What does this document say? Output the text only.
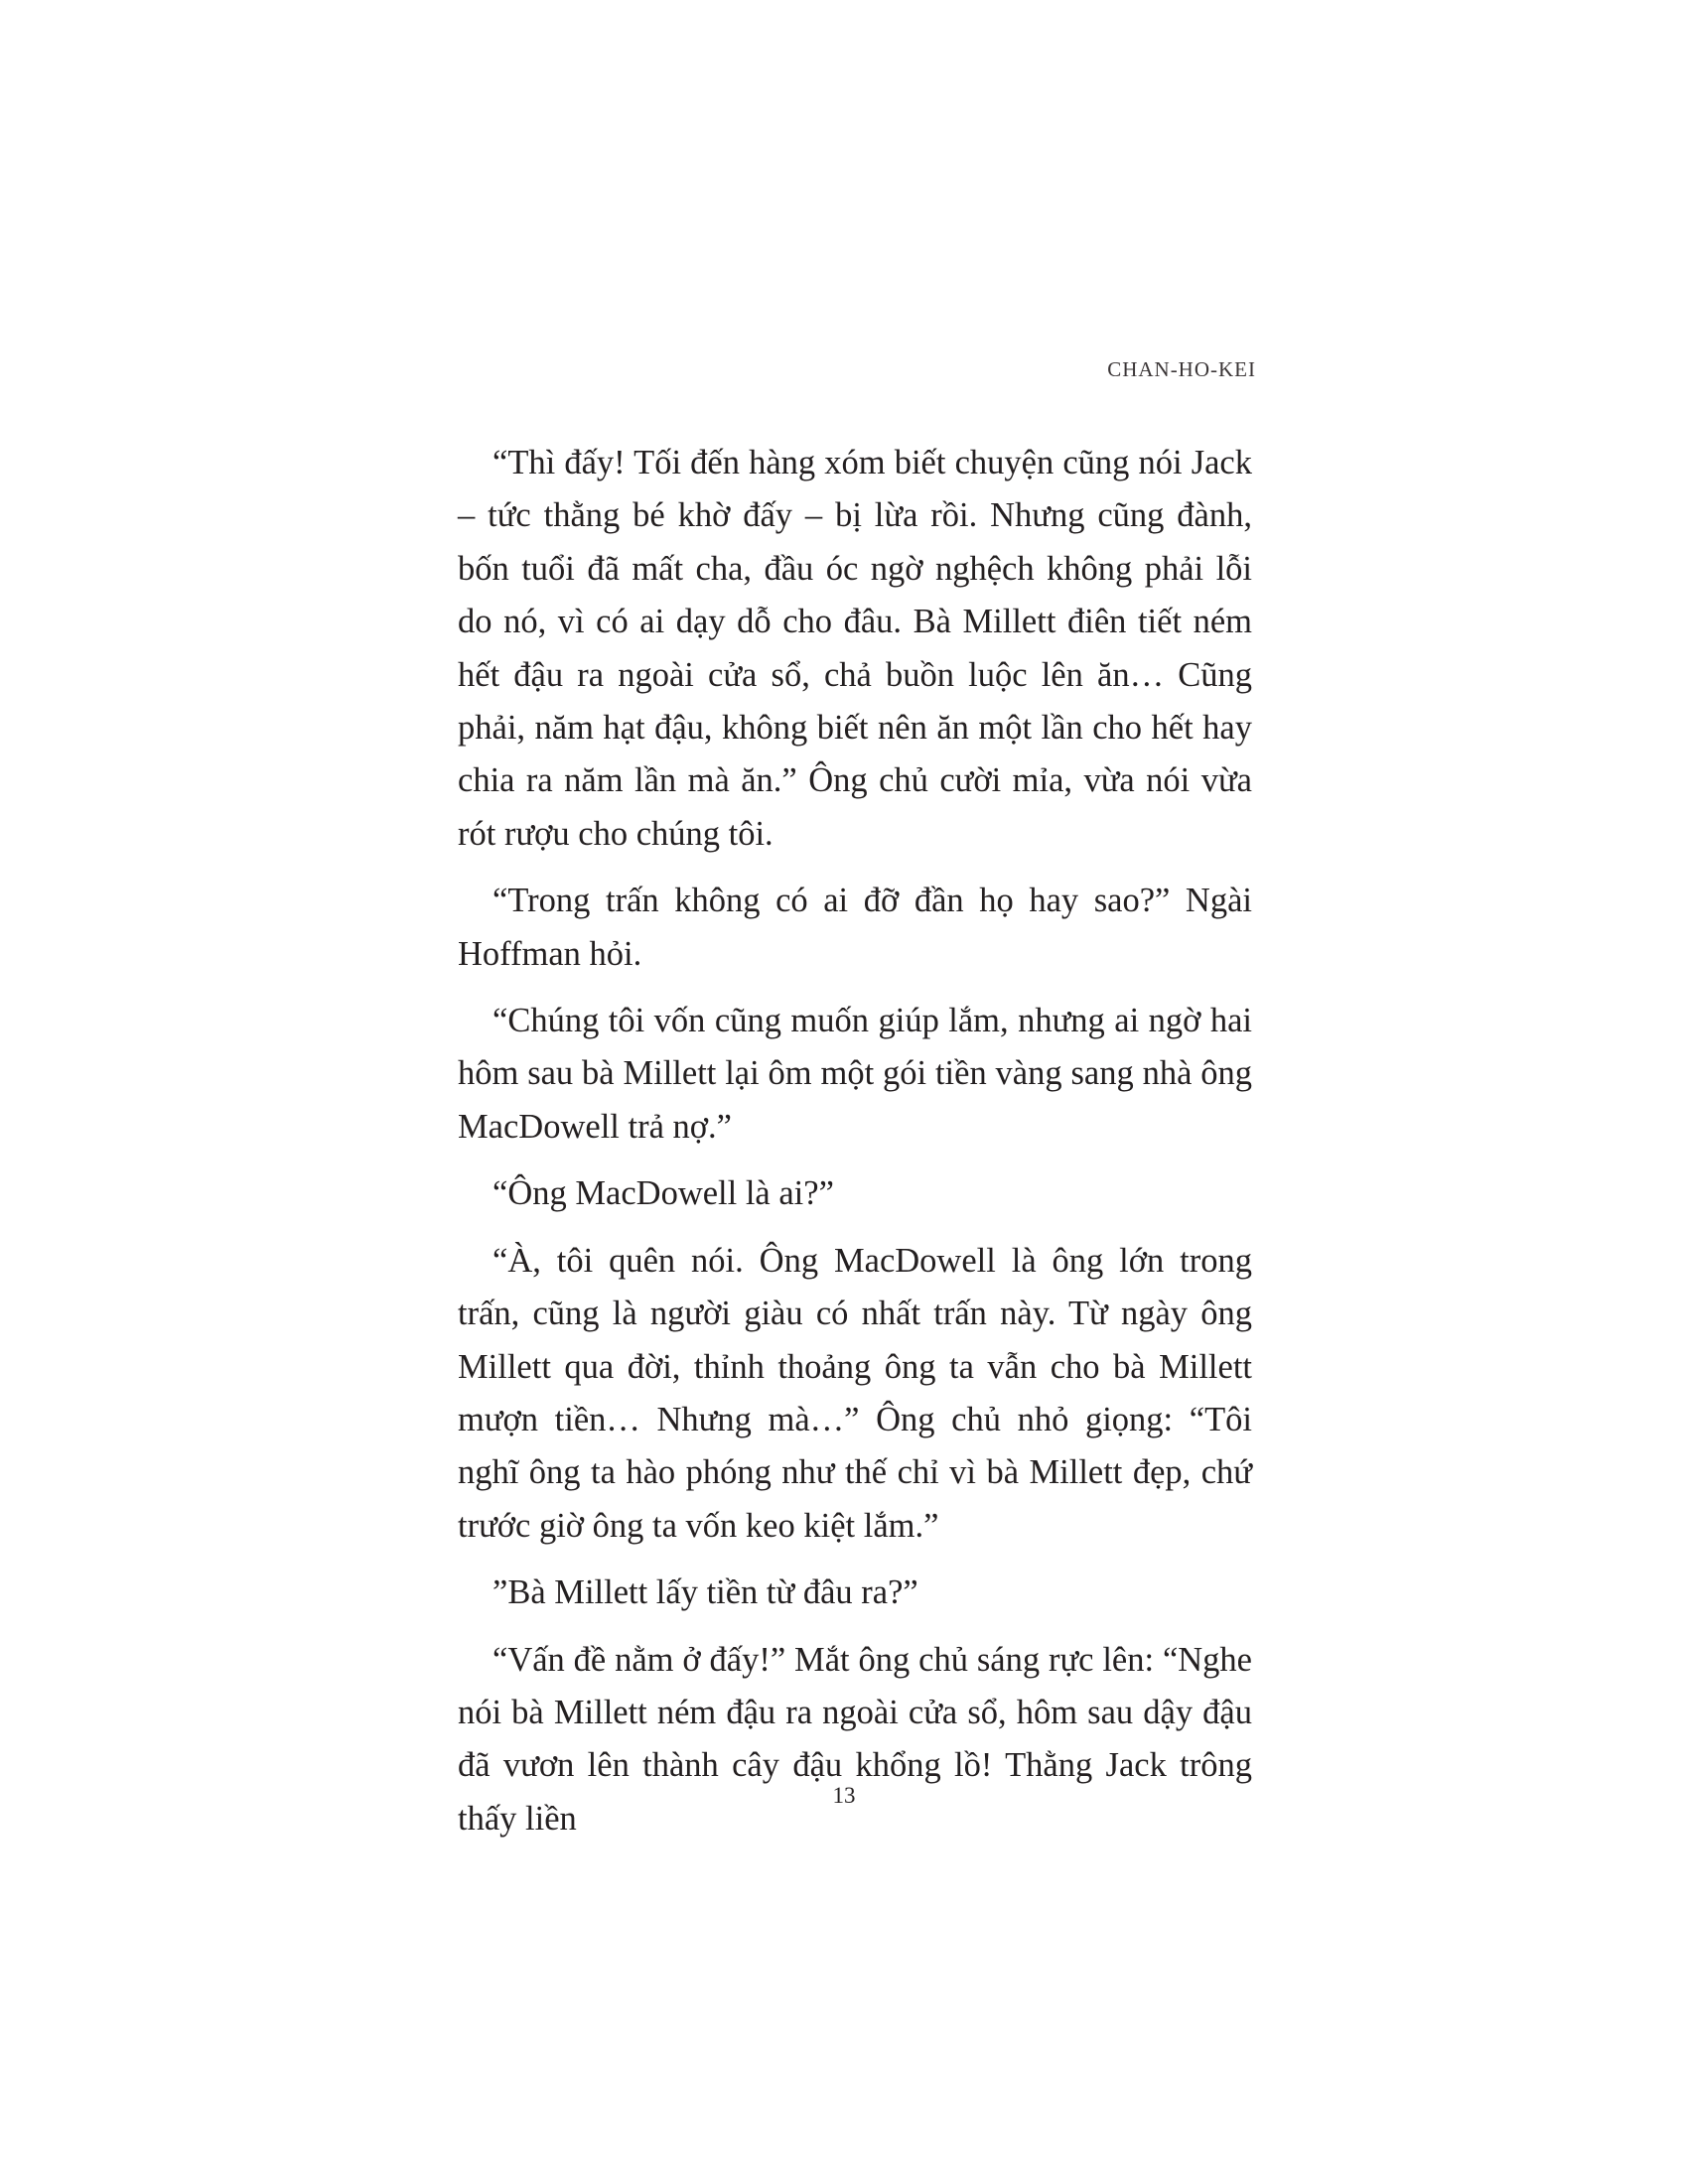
CHAN-HO-KEI

“Thì đấy! Tối đến hàng xóm biết chuyện cũng nói Jack – tức thằng bé khờ đấy – bị lừa rồi. Nhưng cũng đành, bốn tuổi đã mất cha, đầu óc ngờ nghệch không phải lỗi do nó, vì có ai dạy dỗ cho đâu. Bà Millett điên tiết ném hết đậu ra ngoài cửa sổ, chả buồn luộc lên ăn… Cũng phải, năm hạt đậu, không biết nên ăn một lần cho hết hay chia ra năm lần mà ăn.” Ông chủ cười mỉa, vừa nói vừa rót rượu cho chúng tôi.

“Trong trấn không có ai đỡ đần họ hay sao?” Ngài Hoffman hỏi.

“Chúng tôi vốn cũng muốn giúp lắm, nhưng ai ngờ hai hôm sau bà Millett lại ôm một gói tiền vàng sang nhà ông MacDowell trả nợ.”

“Ông MacDowell là ai?”

“À, tôi quên nói. Ông MacDowell là ông lớn trong trấn, cũng là người giàu có nhất trấn này. Từ ngày ông Millett qua đời, thỉnh thoảng ông ta vẫn cho bà Millett mượn tiền… Nhưng mà…” Ông chủ nhỏ giọng: “Tôi nghĩ ông ta hào phóng như thế chỉ vì bà Millett đẹp, chứ trước giờ ông ta vốn keo kiệt lắm.”

”Bà Millett lấy tiền từ đâu ra?”

“Vấn đề nằm ở đấy!” Mắt ông chủ sáng rực lên: “Nghe nói bà Millett ném đậu ra ngoài cửa sổ, hôm sau dậy đậu đã vươn lên thành cây đậu khổng lồ! Thằng Jack trông thấy liền

13
